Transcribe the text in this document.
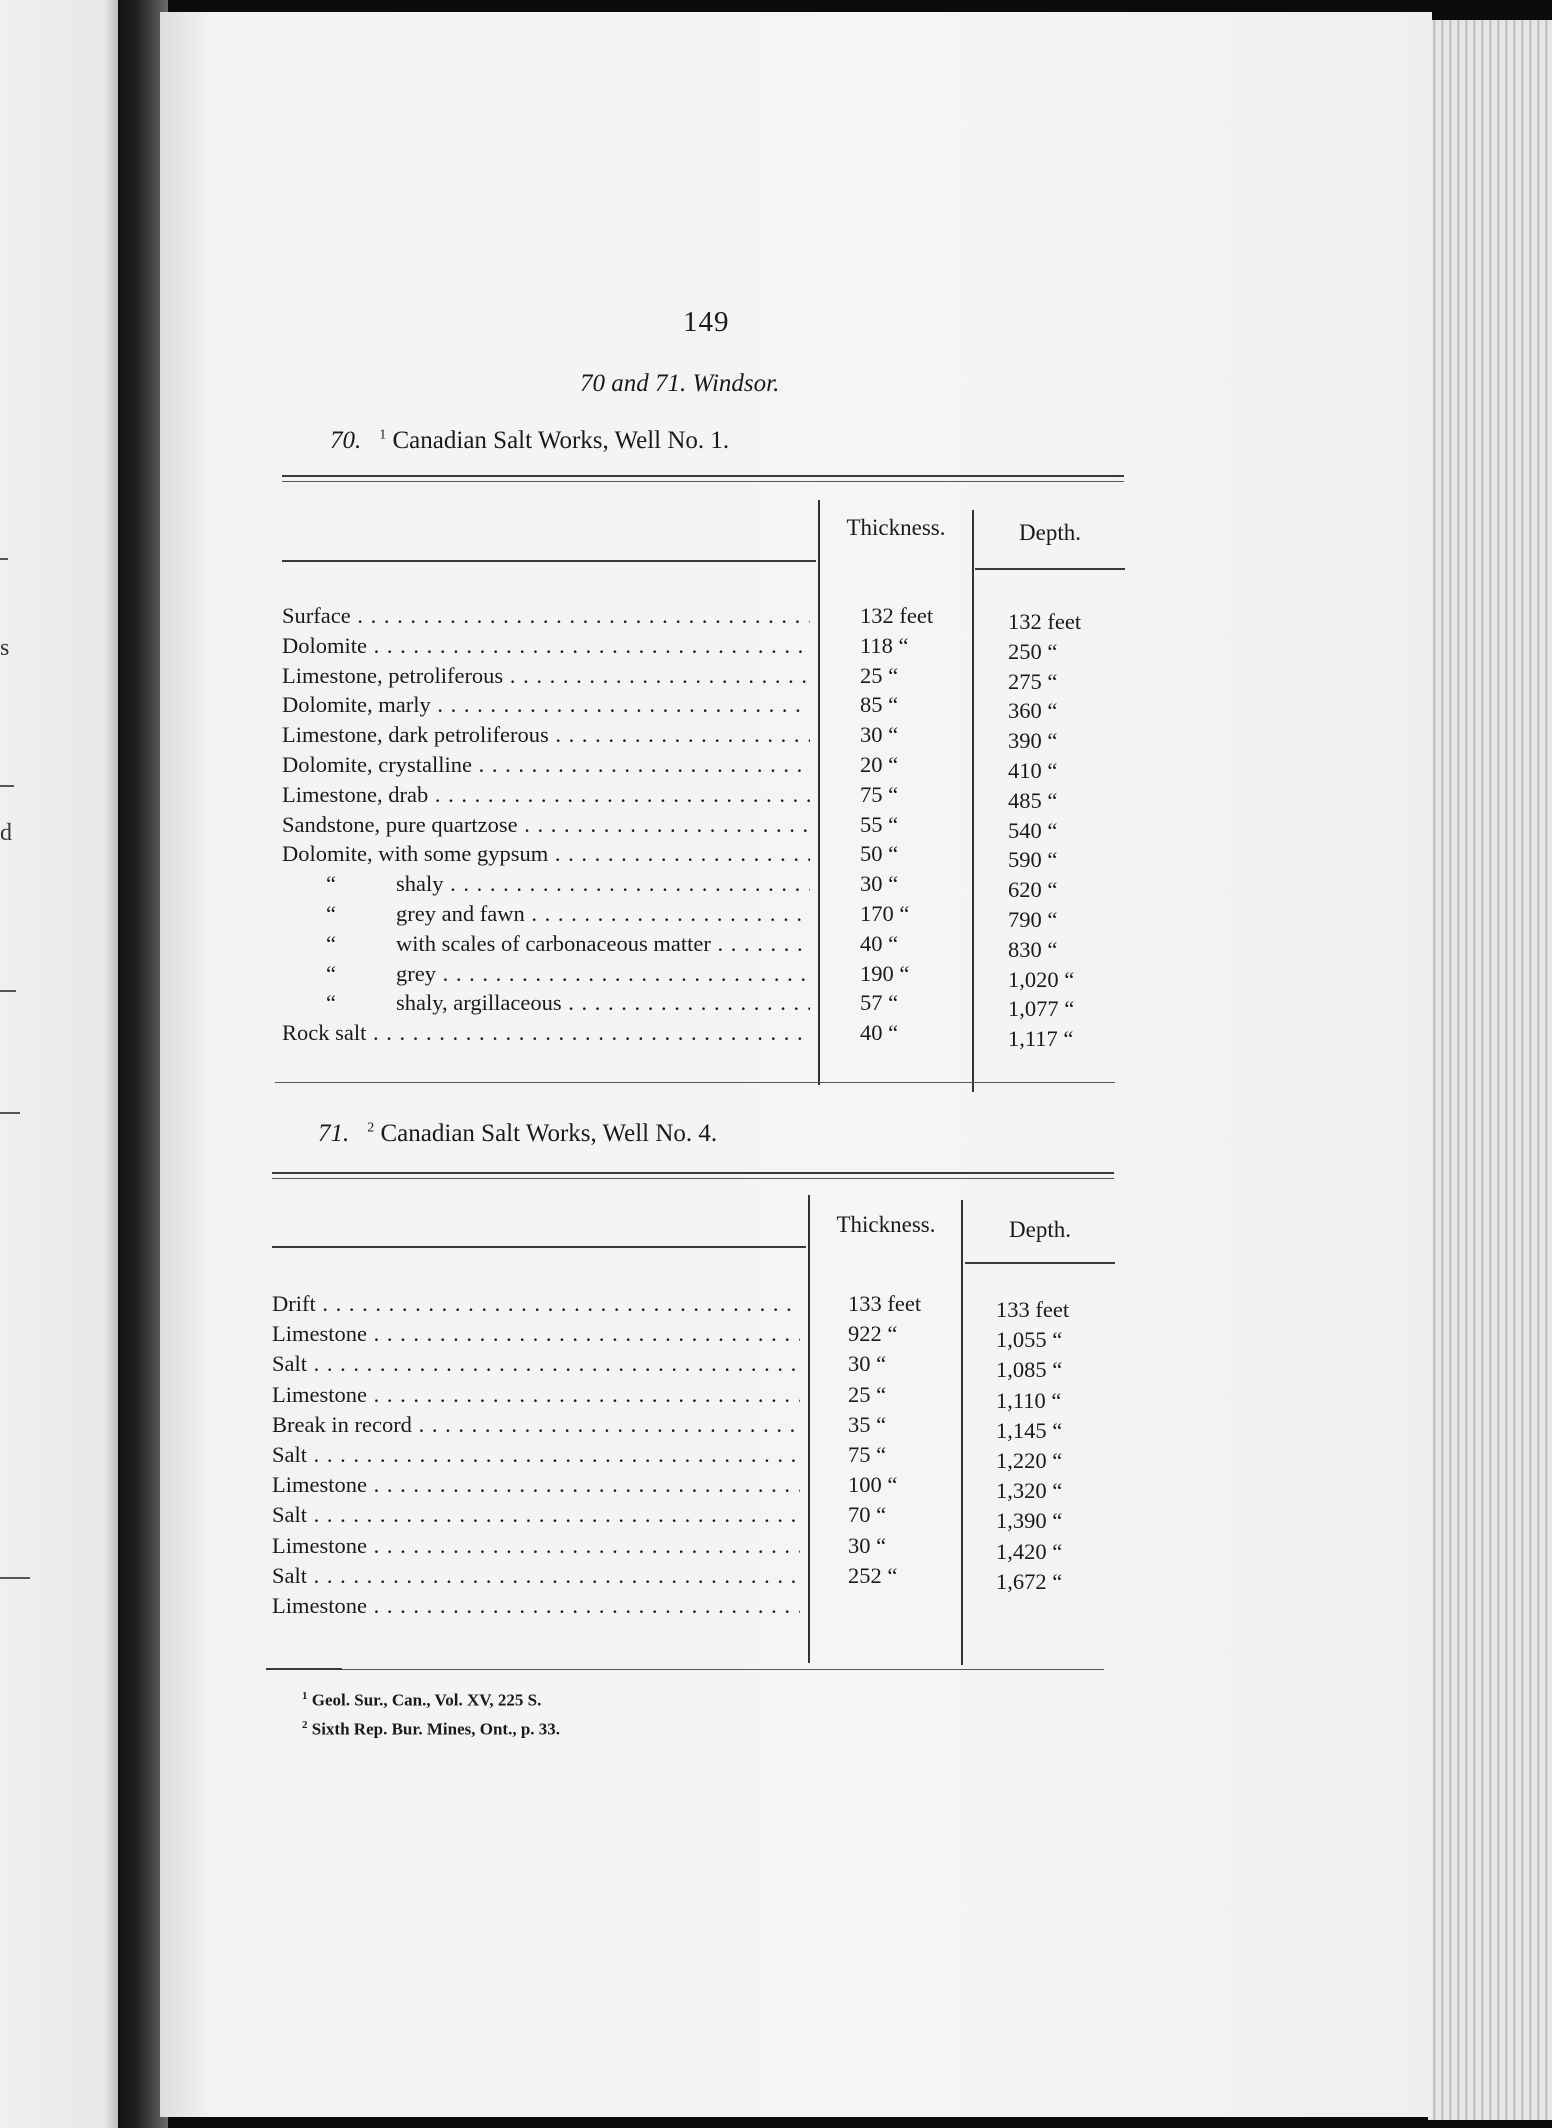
s
d
149
70 and 71. Windsor.
70. $^1$ Canadian Salt Works, Well No. 1.
Thickness.	Depth.
71. $^2$ Canadian Salt Works, Well No. 4.
Thickness.	Depth.
$^1$ Geol. Sur., Can., Vol. XV, 225 S.
$^2$ Sixth Rep. Bur. Mines, Ont., p. 33.
Surface . . .	132 feet	132 feet
Dolomite . . .	118 “	250 “
Limestone, petroliferous . . .	25 “	275 “
Dolomite, marly . . .	85 “	360 “
Limestone, dark petroliferous . . .	30 “	390 “
Dolomite, crystalline . . .	20 “	410 “
Limestone, drab . . .	75 “	485 “
Sandstone, pure quartzose . . .	55 “	540 “
Dolomite, with some gypsum . . .	50 “	590 “
“	shaly . . .	30 “	620 “
“	grey and fawn . . .	170 “	790 “
“	with scales of carbonaceous matter . . .	40 “	830 “
“	grey . . .	190 “	1,020 “
“	shaly, argillaceous . . .	57 “	1,077 “
Rock salt . . .	40 “	1,117 “
Drift . . .	133 feet	133 feet
Limestone . . .	922 “	1,055 “
Salt . . .	30 “	1,085 “
Limestone . . .	25 “	1,110 “
Break in record . . .	35 “	1,145 “
Salt . . .	75 “	1,220 “
Limestone . . .	100 “	1,320 “
Salt . . .	70 “	1,390 “
Limestone . . .	30 “	1,420 “
Salt . . .	252 “	1,672 “
Limestone . . .
